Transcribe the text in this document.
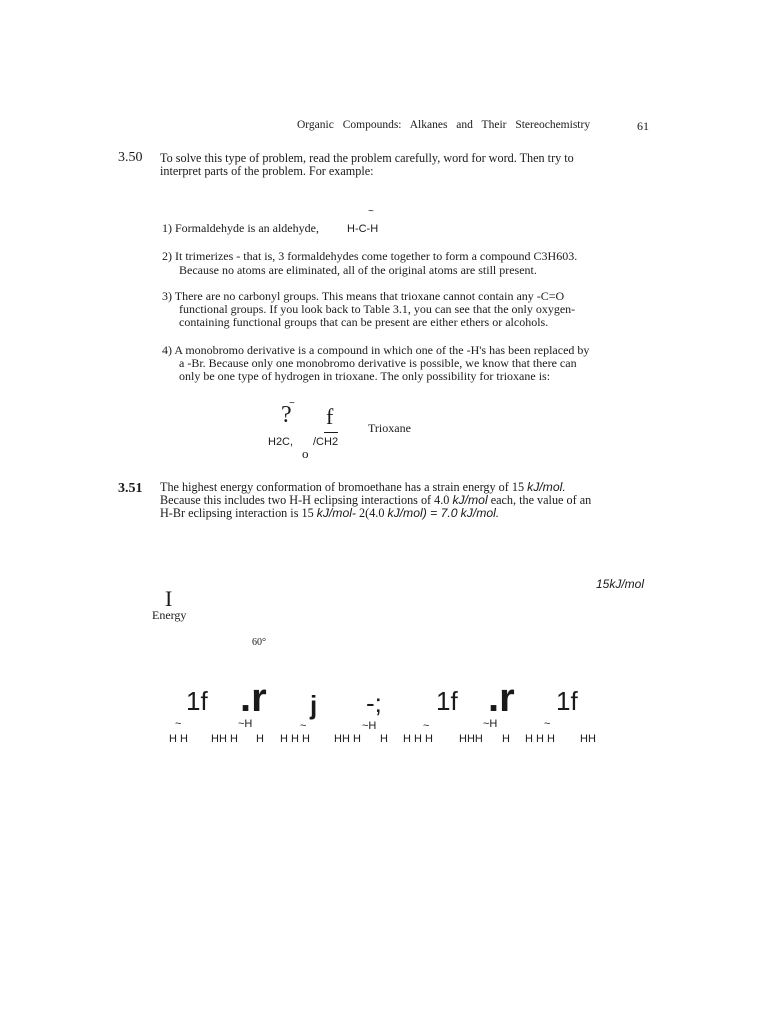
Organic Compounds: Alkanes and Their Stereochemistry	61
3.50 To solve this type of problem, read the problem carefully, word for word. Then try to
interpret parts of the problem. For example:
~
1) Formaldehyde is an aldehyde,	H-C-H
2) It trimerizes - that is, 3 formaldehydes come together to form a compound C3H603.
Because no atoms are eliminated, all of the original atoms are still present.
3) There are no carbonyl groups. This means that trioxane cannot contain any -C=O
functional groups. If you look back to Table 3.1, you can see that the only oxygen-
containing functional groups that can be present are either ethers or alcohols.
4) A monobromo derivative is a compound in which one of the -H's has been replaced by
a -Br. Because only one monobromo derivative is possible, we know that there can
only be one type of hydrogen in trioxane. The only possibility for trioxane is:
~
? f
H2C, /CH2
o
Trioxane
3.51 The highest energy conformation of bromoethane has a strain energy of 15 kJ/mol.
Because this includes two H-H eclipsing interactions of 4.0 kJ/mol each, the value of an
H-Br eclipsing interaction is 15 kJ/mol- 2(4.0 kJ/mol) = 7.0 kJ/mol.
15kJ/mol
I
Energy
60°
1f .r j -; 1f .r 1f
~	~H	~	~H	~	~H	~
H H HH H H H H H HH H H H H H HHH H H H H HH
